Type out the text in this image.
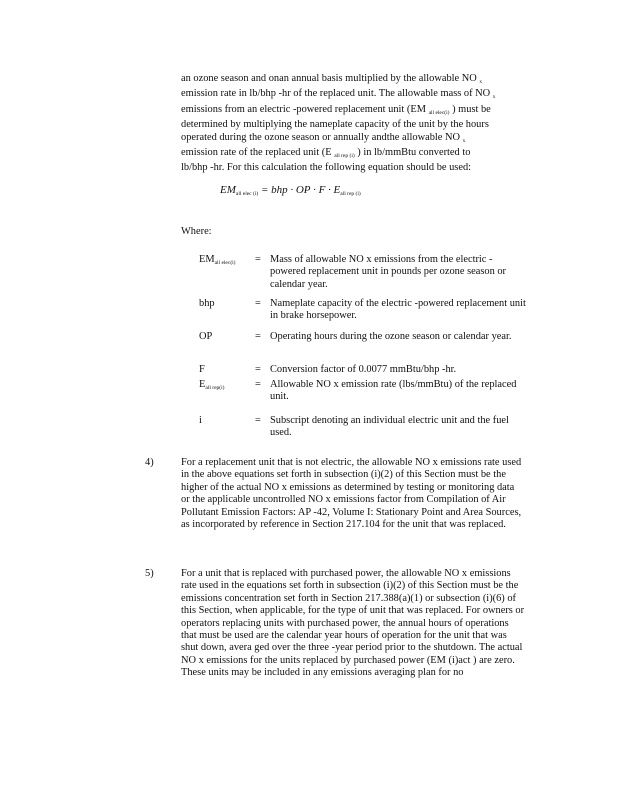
an ozone season and onan annual basis multiplied by the allowable NO $_x$

emission rate in lb/bhp -hr of the replaced unit. The allowable mass of NO $_x$

emissions from an electric -powered replacement unit (EM $_{all elec(i)}$ ) must be

determined by multiplying the nameplate capacity of the unit by the hours

operated during the ozone season or annually andthe allowable NO $_x$

emission rate of the replaced unit (E $_{all rep (i)}$ ) in lb/mmBtu converted to

lb/bhp -hr. For this calculation the following equation should be used:

$EM_{all elec (i)}$ = bhp · OP · $F \cdot E_{all rep (i)}$
Where:
$EM_{all elec(i)}$	= Mass of allowable NO x emissions from the electric - powered replacement unit in pounds per ozone season or calendar year.
bhp	= Nameplate capacity of the electric -powered replacement unit in brake horsepower.
OP	= Operating hours during the ozone season or calendar year.
F	= Conversion factor of 0.0077 mmBtu/bhp -hr.
$E_{all rep(i)}$	= Allowable NO x emission rate (lbs/mmBtu) of the replaced unit.
i	= Subscript denoting an individual electric unit and the fuel used.
4)	For a replacement unit that is not electric, the allowable NO x emissions rate used in the above equations set forth in subsection (i)(2) of this Section must be the higher of the actual NO x emissions as determined by testing or monitoring data or the applicable uncontrolled NO x emissions factor from Compilation of Air Pollutant Emission Factors: AP -42, Volume I: Stationary Point and Area Sources, as incorporated by reference in Section 217.104 for the unit that was replaced.
5)	For a unit that is replaced with purchased power, the allowable NO x emissions rate used in the equations set forth in subsection (i)(2) of this Section must be the emissions concentration set forth in Section 217.388(a)(1) or subsection (i)(6) of this Section, when applicable, for the type of unit that was replaced. For owners or operators replacing units with purchased power, the annual hours of operations that must be used are the calendar year hours of operation for the unit that was shut down, avera ged over the three -year period prior to the shutdown. The actual NO x emissions for the units replaced by purchased power (EM (i)act ) are zero. These units may be included in any emissions averaging plan for no
